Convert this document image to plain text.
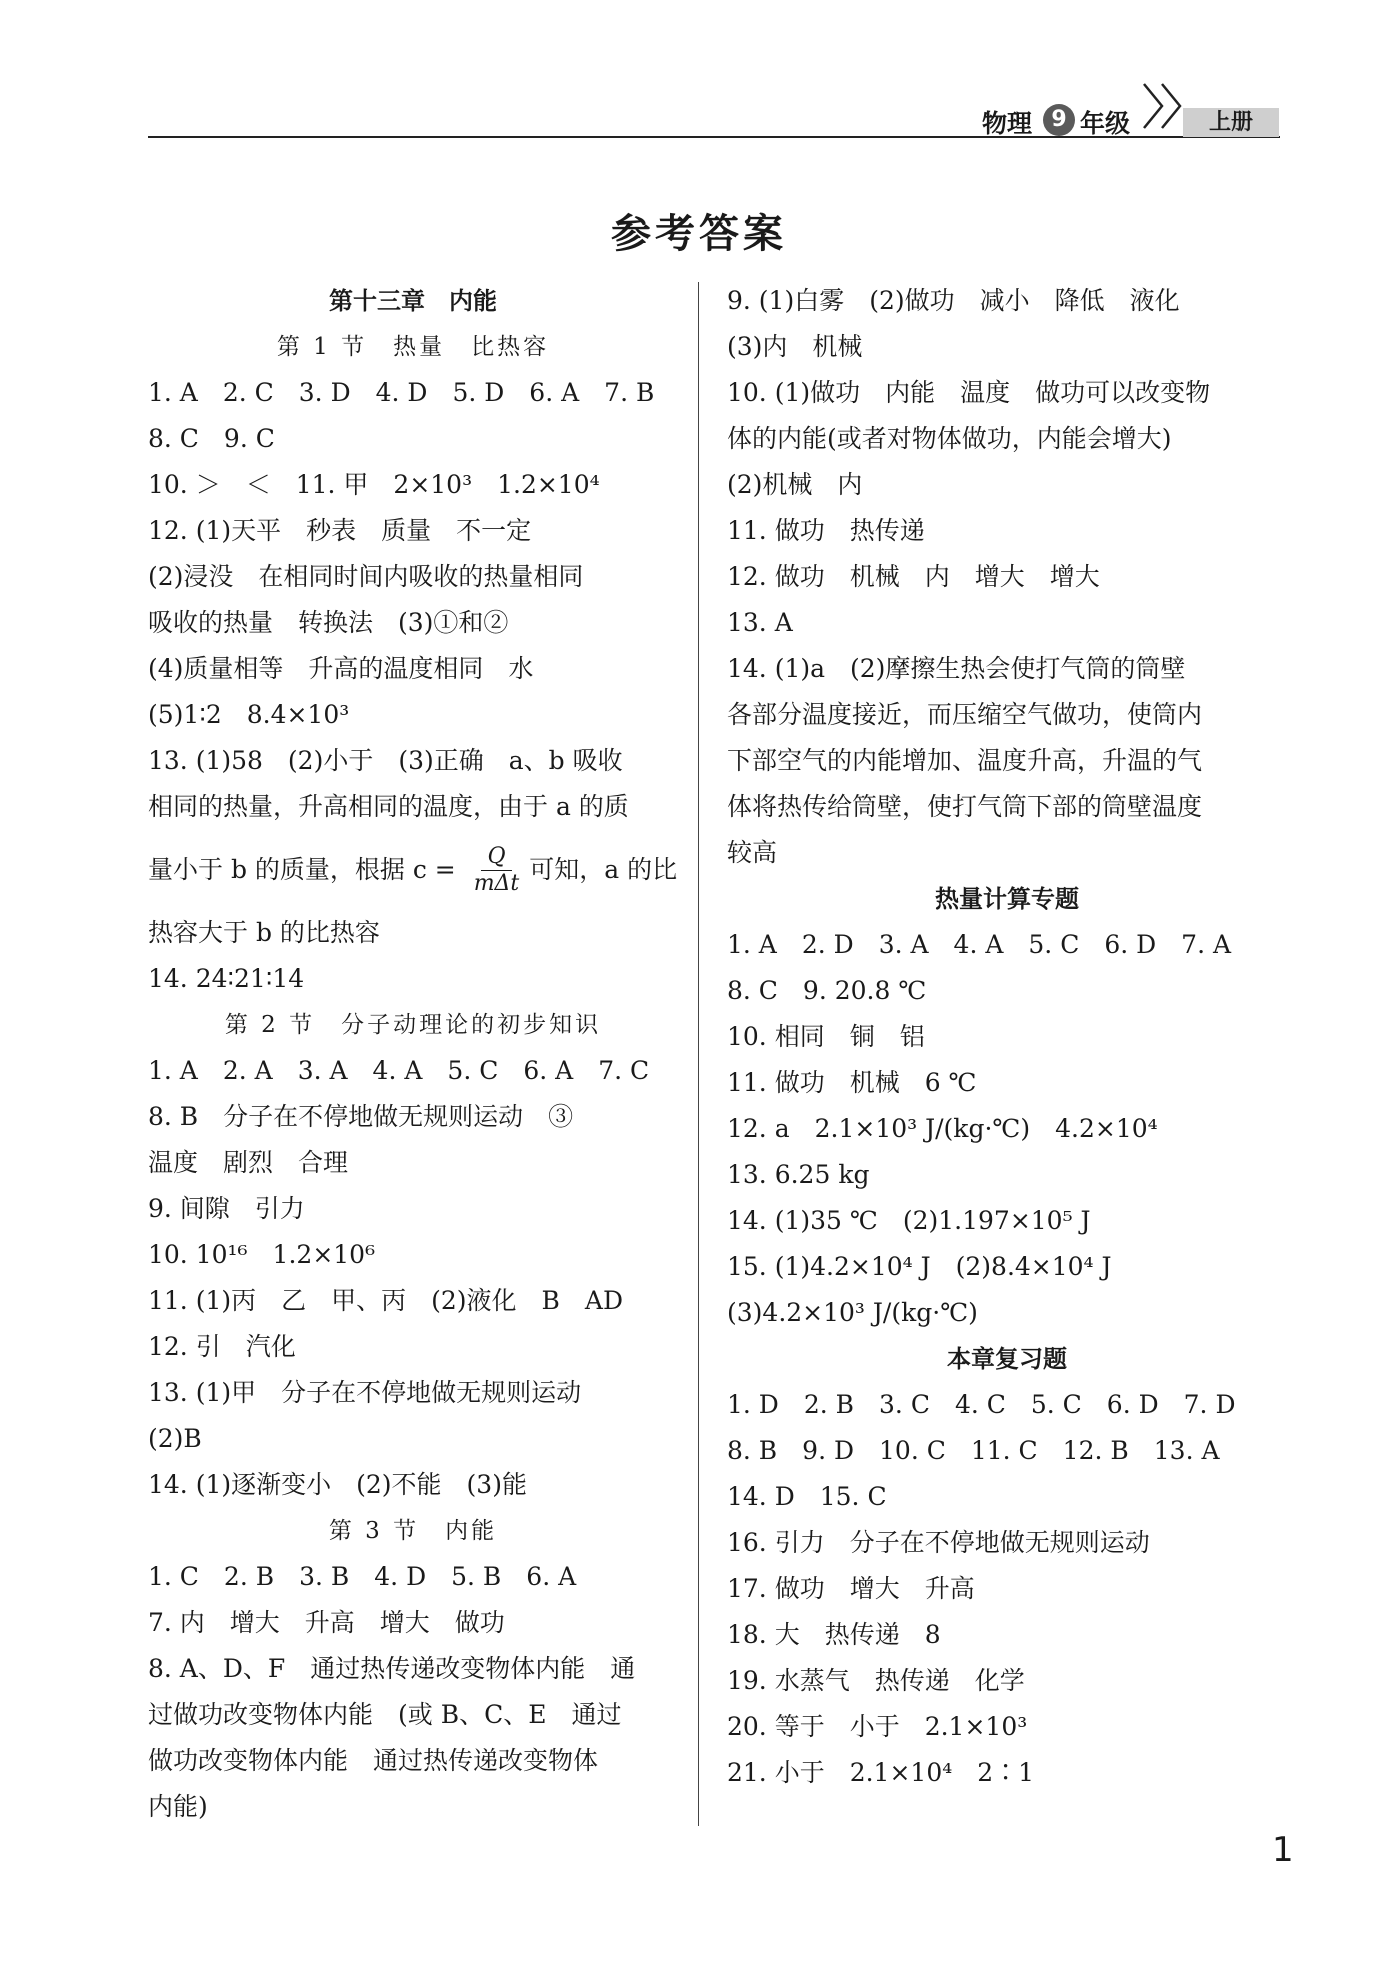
物理 9 年级	上册
参考答案
第十三章　内能
第 1 节　热量　比热容
1. A　2. C　3. D　4. D　5. D　6. A　7. B
8. C　9. C
10. ＞　＜　11. 甲　2×10³　1.2×10⁴
12. (1)天平　秒表　质量　不一定
(2)浸没　在相同时间内吸收的热量相同
吸收的热量　转换法　(3)①和②
(4)质量相等　升高的温度相同　水
(5)1∶2　8.4×10³
13. (1)58　(2)小于　(3)正确　a、b 吸收
相同的热量，升高相同的温度，由于 a 的质
量小于 b 的质量，根据 $c = \frac{Q}{\text{mΔt}}$ 可知，a 的比
热容大于 b 的比热容
14. 24∶21∶14
第 2 节　分子动理论的初步知识
1. A　2. A　3. A　4. A　5. C　6. A　7. C
8. B　分子在不停地做无规则运动　③
温度　剧烈　合理
9. 间隙　引力
10. 10¹⁶　1.2×10⁶
11. (1)丙　乙　甲、丙　(2)液化　B　AD
12. 引　汽化
13. (1)甲　分子在不停地做无规则运动
(2)B
14. (1)逐渐变小　(2)不能　(3)能
第 3 节　内能
1. C　2. B　3. B　4. D　5. B　6. A
7. 内　增大　升高　增大　做功
8. A、D、F　通过热传递改变物体内能　通
过做功改变物体内能　(或 B、C、E　通过
做功改变物体内能　通过热传递改变物体
内能)
9. (1)白雾　(2)做功　减小　降低　液化
(3)内　机械
10. (1)做功　内能　温度　做功可以改变物
体的内能(或者对物体做功，内能会增大)
(2)机械　内
11. 做功　热传递
12. 做功　机械　内　增大　增大
13. A
14. (1)a　(2)摩擦生热会使打气筒的筒壁
各部分温度接近，而压缩空气做功，使筒内
下部空气的内能增加、温度升高，升温的气
体将热传给筒壁，使打气筒下部的筒壁温度
较高
热量计算专题
1. A　2. D　3. A　4. A　5. C　6. D　7. A
8. C　9. 20.8 ℃
10. 相同　铜　铝
11. 做功　机械　6 ℃
12. a　2.1×10³ J/(kg·℃)　4.2×10⁴
13. 6.25 kg
14. (1)35 ℃　(2)1.197×10⁵ J
15. (1)4.2×10⁴ J　(2)8.4×10⁴ J
(3)4.2×10³ J/(kg·℃)
本章复习题
1. D　2. B　3. C　4. C　5. C　6. D　7. D
8. B　9. D　10. C　11. C　12. B　13. A
14. D　15. C
16. 引力　分子在不停地做无规则运动
17. 做功　增大　升高
18. 大　热传递　8
19. 水蒸气　热传递　化学
20. 等于　小于　2.1×10³
21. 小于　2.1×10⁴　2∶1
1
